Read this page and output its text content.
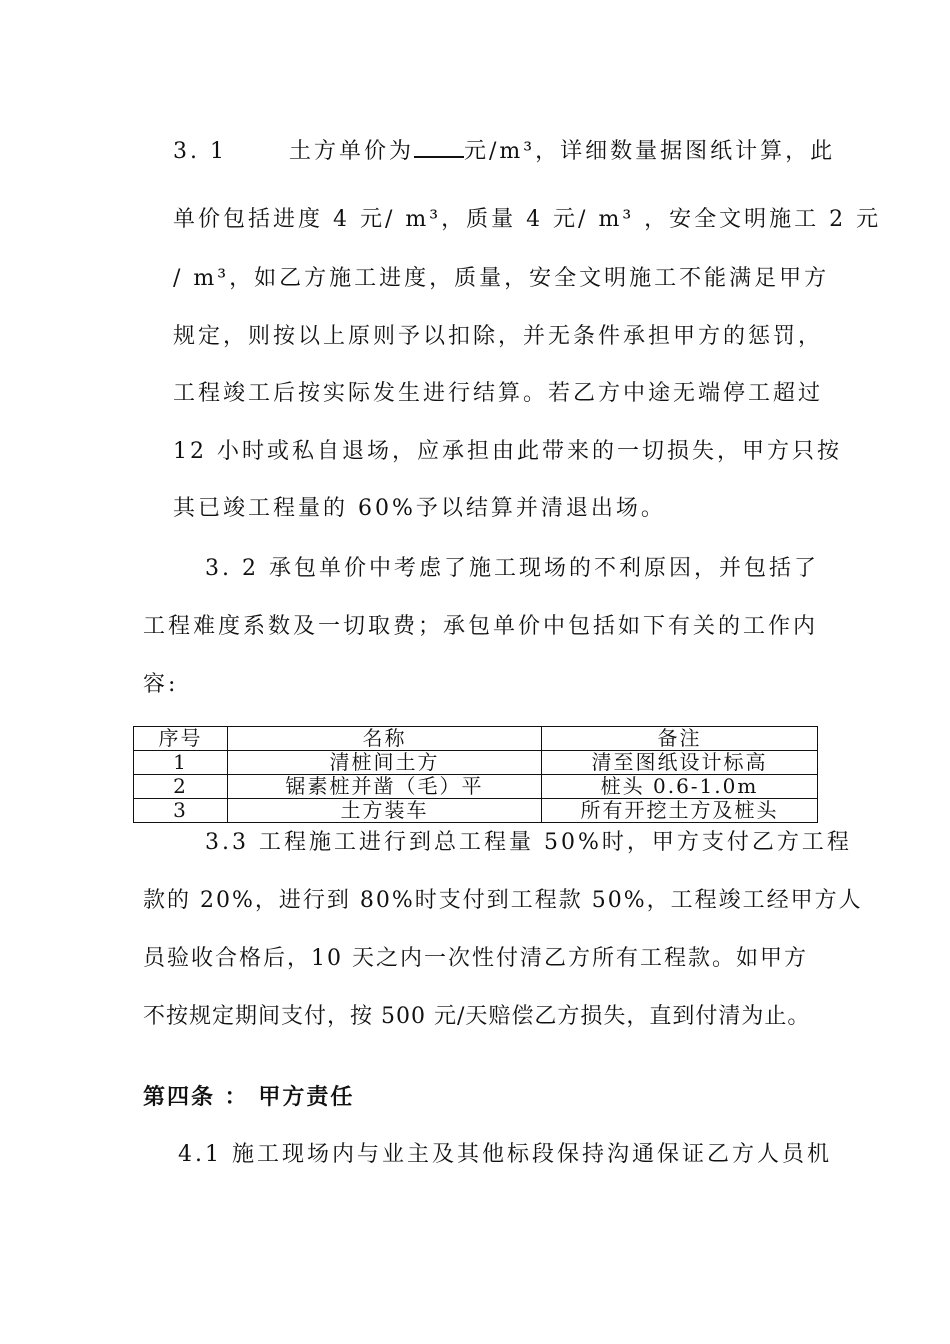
3. 1	土方单价为 元/m³，详细数量据图纸计算，此
单价包括进度 4 元/ m³，质量 4 元/ m³ ，安全文明施工 2 元
/ m³，如乙方施工进度，质量，安全文明施工不能满足甲方
规定，则按以上原则予以扣除，并无条件承担甲方的惩罚，
工程竣工后按实际发生进行结算。若乙方中途无端停工超过
12 小时或私自退场，应承担由此带来的一切损失，甲方只按
其已竣工程量的 60%予以结算并清退出场。
3. 2 承包单价中考虑了施工现场的不利原因，并包括了
工程难度系数及一切取费；承包单价中包括如下有关的工作内
容:
序号	名称	备注
1	清桩间土方	清至图纸设计标高
2	锯素桩并凿（毛）平	桩头 0.6-1.0m
3	土方装车	所有开挖土方及桩头
3.3 工程施工进行到总工程量 50%时，甲方支付乙方工程
款的 20%，进行到 80%时支付到工程款 50%，工程竣工经甲方人
员验收合格后，10 天之内一次性付清乙方所有工程款。如甲方
不按规定期间支付，按 500 元/天赔偿乙方损失，直到付清为止。
第四条 ： 甲方责任
4.1 施工现场内与业主及其他标段保持沟通保证乙方人员机
